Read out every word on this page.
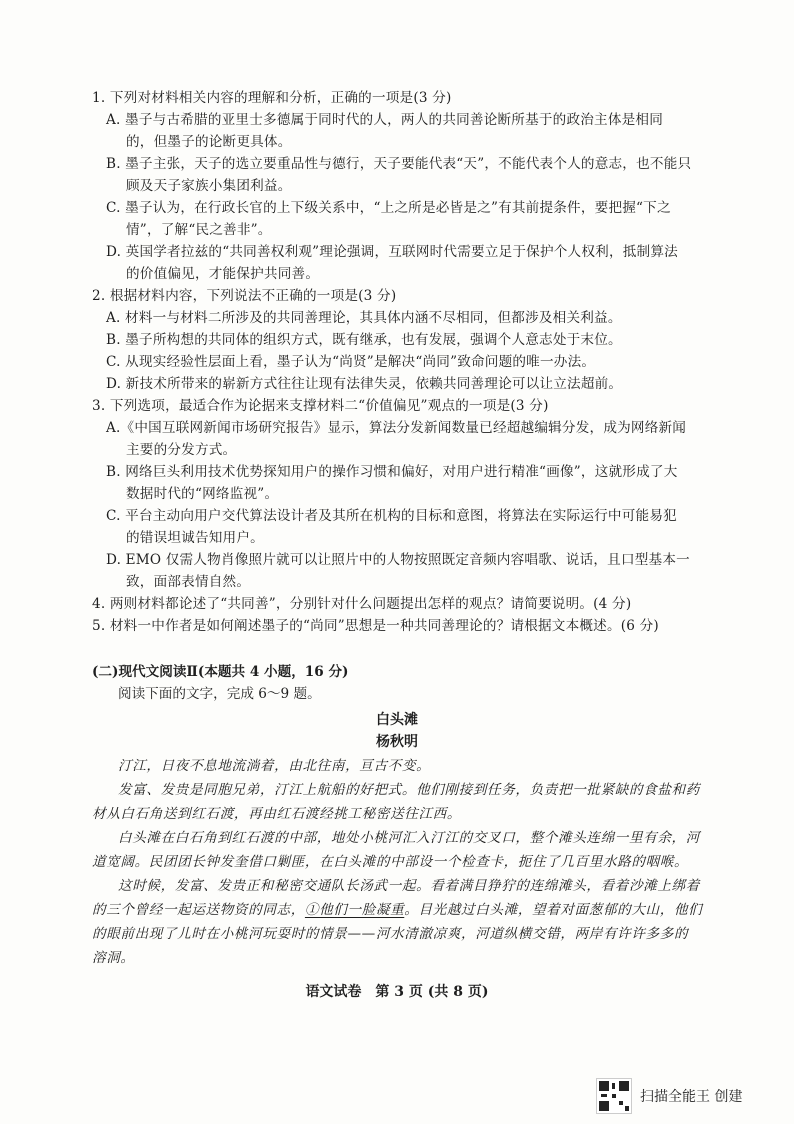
1. 下列对材料相关内容的理解和分析，正确的一项是(3 分)
A. 墨子与古希腊的亚里士多德属于同时代的人，两人的共同善论断所基于的政治主体是相同
的，但墨子的论断更具体。
B. 墨子主张，天子的选立要重品性与德行，天子要能代表“天”，不能代表个人的意志，也不能只
顾及天子家族小集团利益。
C. 墨子认为，在行政长官的上下级关系中，“上之所是必皆是之”有其前提条件，要把握“下之
情”，了解“民之善非”。
D. 英国学者拉兹的“共同善权利观”理论强调，互联网时代需要立足于保护个人权利，抵制算法
的价值偏见，才能保护共同善。
2. 根据材料内容，下列说法不正确的一项是(3 分)
A. 材料一与材料二所涉及的共同善理论，其具体内涵不尽相同，但都涉及相关利益。
B. 墨子所构想的共同体的组织方式，既有继承，也有发展，强调个人意志处于末位。
C. 从现实经验性层面上看，墨子认为“尚贤”是解决“尚同”致命问题的唯一办法。
D. 新技术所带来的崭新方式往往让现有法律失灵，依赖共同善理论可以让立法超前。
3. 下列选项，最适合作为论据来支撑材料二“价值偏见”观点的一项是(3 分)
A.《中国互联网新闻市场研究报告》显示，算法分发新闻数量已经超越编辑分发，成为网络新闻
主要的分发方式。
B. 网络巨头利用技术优势探知用户的操作习惯和偏好，对用户进行精准“画像”，这就形成了大
数据时代的“网络监视”。
C. 平台主动向用户交代算法设计者及其所在机构的目标和意图，将算法在实际运行中可能易犯
的错误坦诚告知用户。
D. EMO 仅需人物肖像照片就可以让照片中的人物按照既定音频内容唱歌、说话，且口型基本一
致，面部表情自然。
4. 两则材料都论述了“共同善”，分别针对什么问题提出怎样的观点？请简要说明。(4 分)
5. 材料一中作者是如何阐述墨子的“尚同”思想是一种共同善理论的？请根据文本概述。(6 分)
(二)现代文阅读Ⅱ(本题共 4 小题，16 分)
阅读下面的文字，完成 6～9 题。
白头滩
杨秋明
汀江，日夜不息地流淌着，由北往南，亘古不变。
发富、发贵是同胞兄弟，汀江上航船的好把式。他们刚接到任务，负责把一批紧缺的食盐和药
材从白石角送到红石渡，再由红石渡经挑工秘密送往江西。
白头滩在白石角到红石渡的中部，地处小桃河汇入汀江的交叉口，整个滩头连绵一里有余，河
道宽阔。民团团长钟发奎借口剿匪，在白头滩的中部设一个检查卡，扼住了几百里水路的咽喉。
这时候，发富、发贵正和秘密交通队长汤武一起。看着满目狰狞的连绵滩头，看着沙滩上绑着
的三个曾经一起运送物资的同志，①他们一脸凝重。目光越过白头滩，望着对面葱郁的大山，他们
的眼前出现了儿时在小桃河玩耍时的情景——河水清澈凉爽，河道纵横交错，两岸有许许多多的
溶洞。
语文试卷　第 3 页 (共 8 页)
扫描全能王 创建
